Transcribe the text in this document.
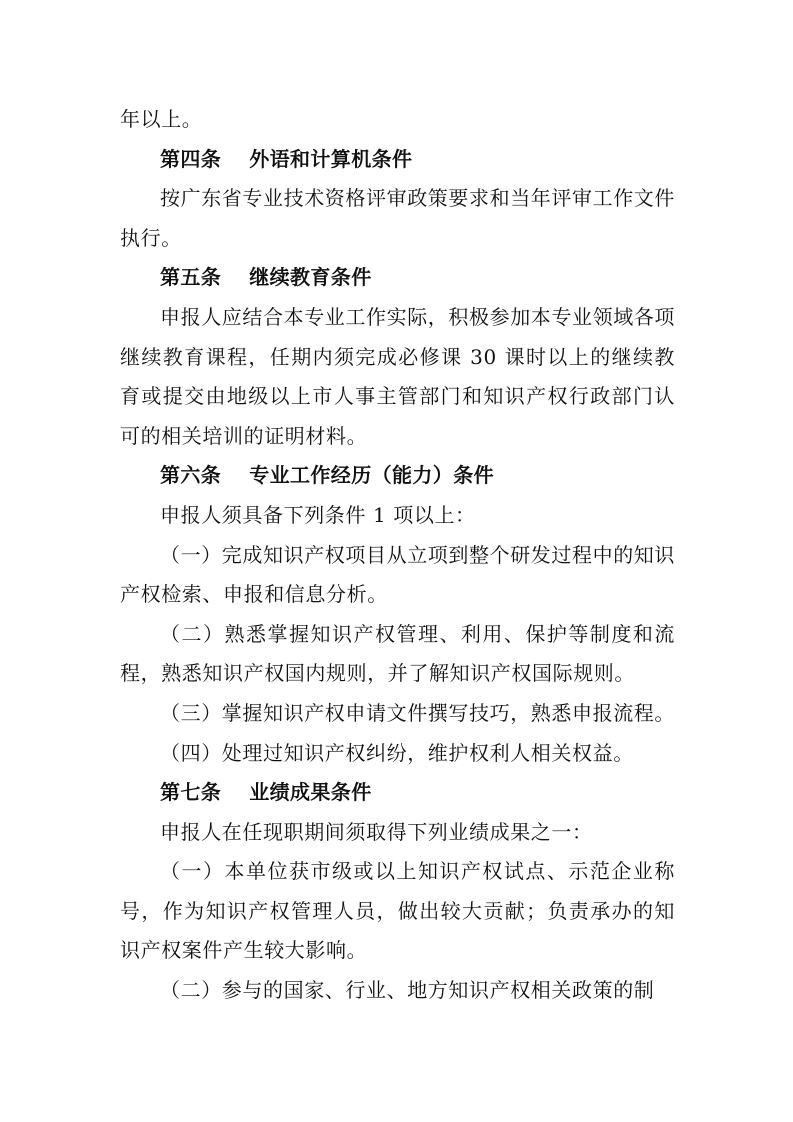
年以上。

第四条 外语和计算机条件

按广东省专业技术资格评审政策要求和当年评审工作文件执行。

第五条 继续教育条件

申报人应结合本专业工作实际，积极参加本专业领域各项继续教育课程，任期内须完成必修课 30 课时以上的继续教育或提交由地级以上市人事主管部门和知识产权行政部门认可的相关培训的证明材料。

第六条 专业工作经历（能力）条件

申报人须具备下列条件 1 项以上：

（一）完成知识产权项目从立项到整个研发过程中的知识产权检索、申报和信息分析。

（二）熟悉掌握知识产权管理、利用、保护等制度和流程，熟悉知识产权国内规则，并了解知识产权国际规则。

（三）掌握知识产权申请文件撰写技巧，熟悉申报流程。

（四）处理过知识产权纠纷，维护权利人相关权益。

第七条 业绩成果条件

申报人在任现职期间须取得下列业绩成果之一：

（一）本单位获市级或以上知识产权试点、示范企业称号，作为知识产权管理人员，做出较大贡献；负责承办的知识产权案件产生较大影响。

（二）参与的国家、行业、地方知识产权相关政策的制
